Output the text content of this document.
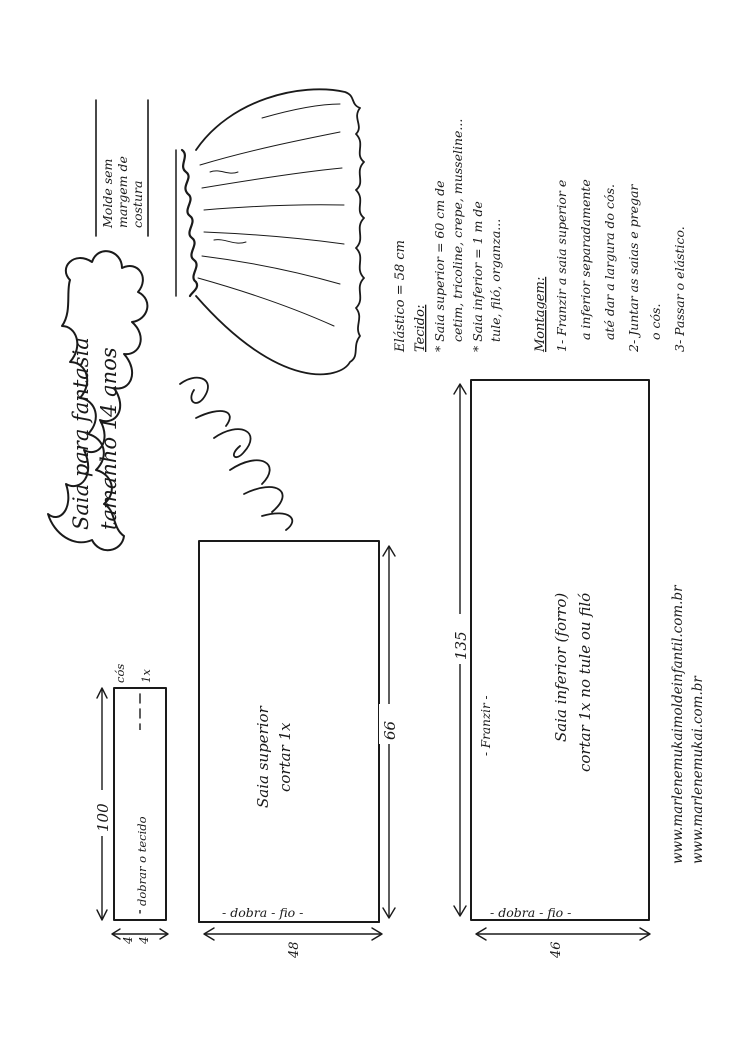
Saia para fantasia tamanho 14 anos
Molde sem margem de costura
Elástico = 58 cm Tecido: * Saia superior = 60 cm de cetim, tricoline, crepe, musseline... * Saia inferior = 1 m de tule, filó, organza... Montagem: 1- Franzir a saia superior e a inferior separadamente até dar a largura do cós. 2- Juntar as saias e pregar o cós. 3- Passar o elástico.
100 dobrar o tecido
cós 1x
4 4
66
48
- dobra - fio -
Saia superior cortar 1x
135
- Franzir -
46
- dobra - fio -
Saia inferior (forro) cortar 1x no tule ou filó	www.marlenemukaimoldeinfantil.com.br www.marlenemukai.com.br
